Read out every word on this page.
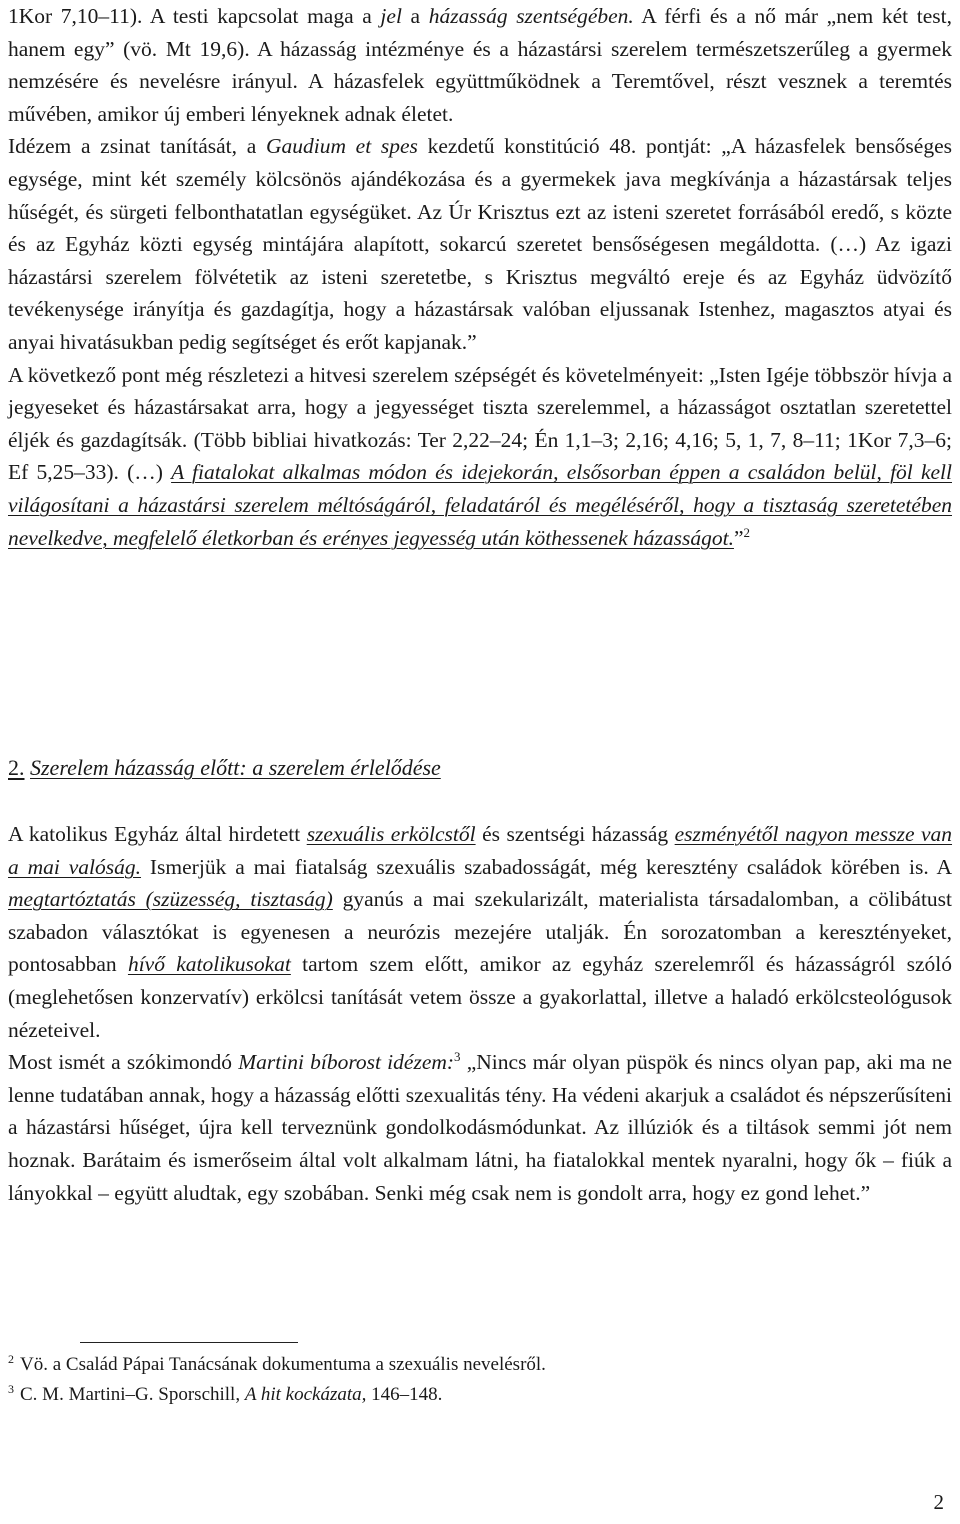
1Kor 7,10–11). A testi kapcsolat maga a jel a házasság szentségében. A férfi és a nő már „nem két test, hanem egy” (vö. Mt 19,6). A házasság intézménye és a házastársi szerelem természetszerűleg a gyermek nemzésére és nevelésre irányul. A házasfelek együttműködnek a Teremtővel, részt vesznek a teremtés művében, amikor új emberi lényeknek adnak életet.

Idézem a zsinat tanítását, a Gaudium et spes kezdetű konstitúció 48. pontját: „A házasfelek bensőséges egysége, mint két személy kölcsönös ajándékozása és a gyermekek java megkívánja a házastársak teljes hűségét, és sürgeti felbonthatatlan egységüket. Az Úr Krisztus ezt az isteni szeretet forrásából eredő, s közte és az Egyház közti egység mintájára alapított, sokarcú szeretet bensőségesen megáldotta. (…) Az igazi házastársi szerelem fölvétetik az isteni szeretetbe, s Krisztus megváltó ereje és az Egyház üdvözítő tevékenysége irányítja és gazdagítja, hogy a házastársak valóban eljussanak Istenhez, magasztos atyai és anyai hivatásukban pedig segítséget és erőt kapjanak.”

A következő pont még részletezi a hitvesi szerelem szépségét és követelményeit: „Isten Igéje többször hívja a jegyeseket és házastársakat arra, hogy a jegyességet tiszta szerelemmel, a házasságot osztatlan szeretettel éljék és gazdagítsák. (Több bibliai hivatkozás: Ter 2,22–24; Én 1,1–3; 2,16; 4,16; 5, 1, 7, 8–11; 1Kor 7,3–6; Ef 5,25–33). (…) A fiatalokat alkalmas módon és idejekorán, elsősorban éppen a családon belül, föl kell világosítani a házastársi szerelem méltóságáról, feladatáról és megéléséről, hogy a tisztaság szeretetében nevelkedve, megfelelő életkorban és erényes jegyesség után köthessenek házasságot.”$^2$

2. Szerelem házasság előtt: a szerelem érlelődése

A katolikus Egyház által hirdetett szexuális erkölcstől és szentségi házasság eszményétől nagyon messze van a mai valóság. Ismerjük a mai fiatalság szexuális szabadosságát, még keresztény családok körében is. A megtartóztatás (szüzesség, tisztaság) gyanús a mai szekularizált, materialista társadalomban, a cölibátust szabadon választókat is egyenesen a neurózis mezejére utalják. Én sorozatomban a keresztényeket, pontosabban hívő katolikusokat tartom szem előtt, amikor az egyház szerelemről és házasságról szóló (meglehetősen konzervatív) erkölcsi tanítását vetem össze a gyakorlattal, illetve a haladó erkölcsteológusok nézeteivel.

Most ismét a szókimondó Martini bíborost idézem:$^3$ „Nincs már olyan püspök és nincs olyan pap, aki ma ne lenne tudatában annak, hogy a házasság előtti szexualitás tény. Ha védeni akarjuk a családot és népszerűsíteni a házastársi hűséget, újra kell terveznünk gondolkodásmódunkat. Az illúziók és a tiltások semmi jót nem hoznak. Barátaim és ismerőseim által volt alkalmam látni, ha fiatalokkal mentek nyaralni, hogy ők – fiúk a lányokkal – együtt aludtak, egy szobában. Senki még csak nem is gondolt arra, hogy ez gond lehet.”

$^2$ Vö. a Család Pápai Tanácsának dokumentuma a szexuális nevelésről.

$^3$ C. M. Martini–G. Sporschill, A hit kockázata, 146–148.

2
